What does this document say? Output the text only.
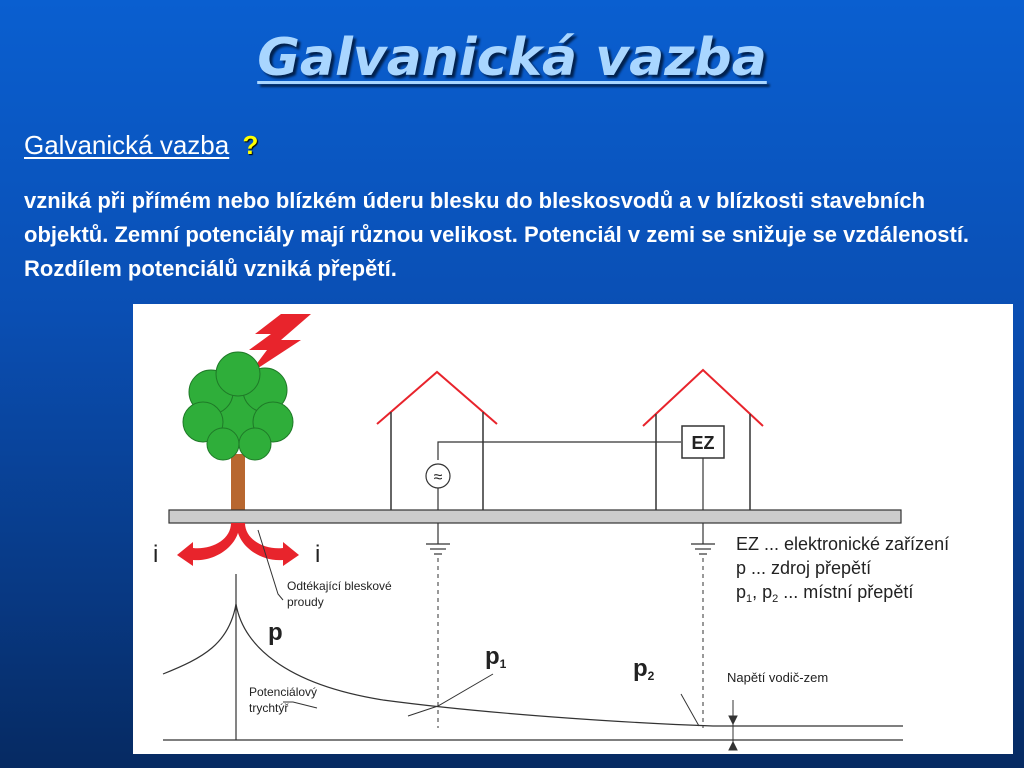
Galvanická vazba
Galvanická vazba ?
vzniká při přímém nebo blízkém úderu blesku do bleskosvodů a v blízkosti stavebních objektů. Zemní potenciály mají různou velikost. Potenciál v zemi se snižuje se vzdáleností. Rozdílem potenciálů vzniká přepětí.
≈
EZ
i	i
Odtékající bleskové
proudy
p
p1	p2	Napětí vodič-zem
Potenciálový
trychtýř
EZ ... elektronické zařízení
p ... zdroj přepětí
$p_1$, $p_2$ ... místní přepětí
